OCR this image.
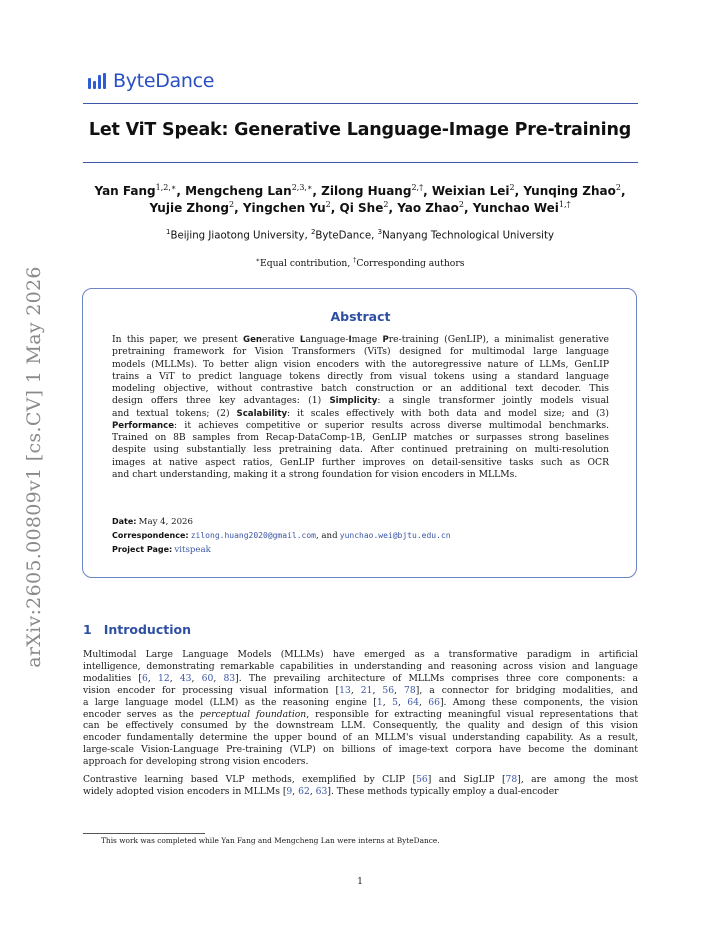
arXiv:2605.00809v1 [cs.CV] 1 May 2026
ByteDance
Let ViT Speak: Generative Language-Image Pre-training
Yan Fang$^{1,2,∗}$, Mengcheng Lan$^{2,3,∗}$, Zilong Huang$^{2,\dagger}$, Weixian Lei$^2$, Yunqing Zhao$^2$,
Yujie Zhong$^2$, Yingchen Yu$^2$, Qi She$^2$, Yao Zhao$^2$, Yunchao Wei$^{1,\dagger}$
$^1$Beijing Jiaotong University, $^2$ByteDance, $^3$Nanyang Technological University
∗Equal contribution, †Corresponding authors
Abstract
In this paper, we present Generative Language-Image Pre-training (GenLIP), a minimalist generative
pretraining framework for Vision Transformers (ViTs) designed for multimodal large language
models (MLLMs). To better align vision encoders with the autoregressive nature of LLMs, GenLIP
trains a ViT to predict language tokens directly from visual tokens using a standard language
modeling objective, without contrastive batch construction or an additional text decoder. This
design offers three key advantages: (1) Simplicity: a single transformer jointly models visual
and textual tokens; (2) Scalability: it scales effectively with both data and model size; and (3)
Performance: it achieves competitive or superior results across diverse multimodal benchmarks.
Trained on 8B samples from Recap-DataComp-1B, GenLIP matches or surpasses strong baselines
despite using substantially less pretraining data. After continued pretraining on multi-resolution
images at native aspect ratios, GenLIP further improves on detail-sensitive tasks such as OCR
and chart understanding, making it a strong foundation for vision encoders in MLLMs.
Date: May 4, 2026
Correspondence: zilong.huang2020@gmail.com, and yunchao.wei@bjtu.edu.cn
Project Page: vitspeak
1 Introduction
Multimodal Large Language Models (MLLMs) have emerged as a transformative paradigm in artificial
intelligence, demonstrating remarkable capabilities in understanding and reasoning across vision and language
modalities [6, 12, 43, 60, 83]. The prevailing architecture of MLLMs comprises three core components: a
vision encoder for processing visual information [13, 21, 56, 78], a connector for bridging modalities, and
a large language model (LLM) as the reasoning engine [1, 5, 64, 66]. Among these components, the vision
encoder serves as the perceptual foundation, responsible for extracting meaningful visual representations that
can be effectively consumed by the downstream LLM. Consequently, the quality and design of this vision
encoder fundamentally determine the upper bound of an MLLM's visual understanding capability. As a result,
large-scale Vision-Language Pre-training (VLP) on billions of image-text corpora have become the dominant
approach for developing strong vision encoders.
Contrastive learning based VLP methods, exemplified by CLIP [56] and SigLIP [78], are among the most
widely adopted vision encoders in MLLMs [9, 62, 63]. These methods typically employ a dual-encoder
This work was completed while Yan Fang and Mengcheng Lan were interns at ByteDance.
1
